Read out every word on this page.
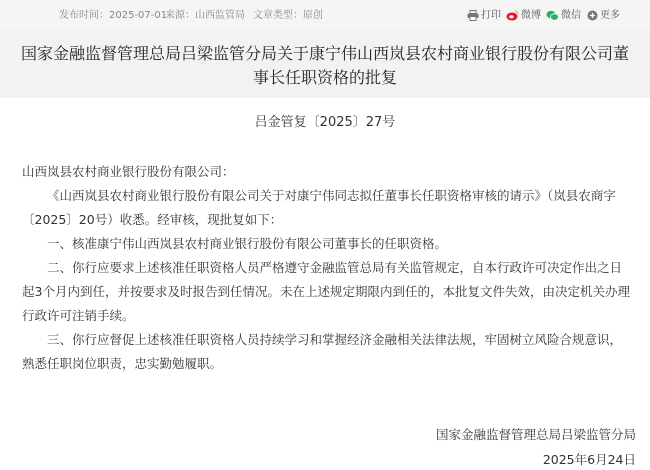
发布时间：2025-07-01
来源：山西监管局 文章类型：原创	打印	微博	微信	更多
国家金融监督管理总局吕梁监管分局关于康宁伟山西岚县农村商业银行股份有限公司董事长任职资格的批复
吕金管复〔2025〕27号
山西岚县农村商业银行股份有限公司：
《山西岚县农村商业银行股份有限公司关于对康宁伟同志拟任董事长任职资格审核的请示》（岚县农商字〔2025〕20号）收悉。经审核，现批复如下：
一、核准康宁伟山西岚县农村商业银行股份有限公司董事长的任职资格。
二、你行应要求上述核准任职资格人员严格遵守金融监管总局有关监管规定，自本行政许可决定作出之日起3个月内到任，并按要求及时报告到任情况。未在上述规定期限内到任的，本批复文件失效，由决定机关办理行政许可注销手续。
三、你行应督促上述核准任职资格人员持续学习和掌握经济金融相关法律法规，牢固树立风险合规意识，熟悉任职岗位职责，忠实勤勉履职。
国家金融监督管理总局吕梁监管分局
2025年6月24日
